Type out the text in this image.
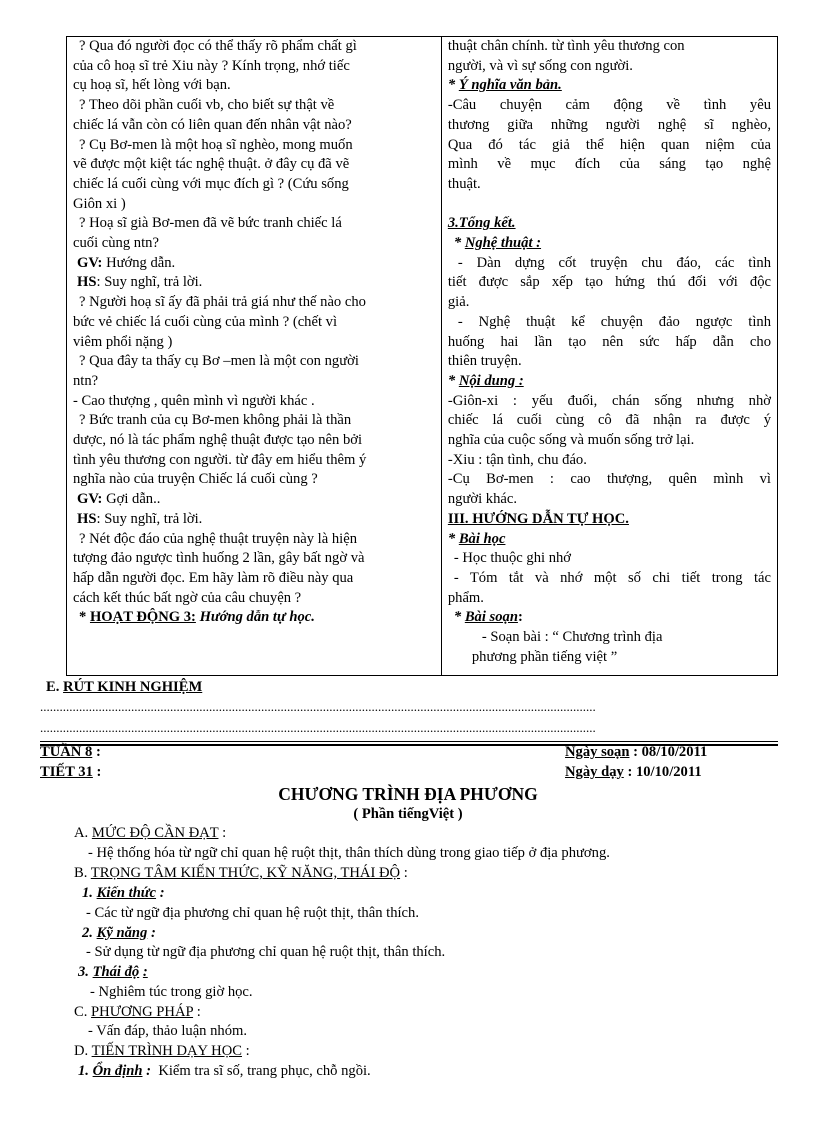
? Qua đó người đọc có thể thấy rõ phẩm chất gì
của cô hoạ sĩ trẻ Xiu này ? Kính trọng, nhớ tiếc
cụ hoạ sĩ, hết lòng với bạn.
? Theo dõi phần cuối vb, cho biết sự thật về
chiếc lá vẫn còn có liên quan đến nhân vật nào?
? Cụ Bơ-men là một hoạ sĩ nghèo, mong muốn
vẽ được một kiệt tác nghệ thuật. ở đây cụ đã vẽ
chiếc lá cuối cùng với mục đích gì ? (Cứu sống
Giôn xi )
? Hoạ sĩ già Bơ-men đã vẽ bức tranh chiếc lá
cuối cùng ntn?
GV: Hướng dẫn.
HS: Suy nghĩ, trả lời.
? Người hoạ sĩ ấy đã phải trả giá như thế nào cho
bức vẻ chiếc lá cuối cùng của mình ? (chết vì
viêm phổi nặng )
? Qua đây ta thấy cụ Bơ –men là một con người
ntn?
- Cao thượng , quên mình vì người khác .
? Bức tranh của cụ Bơ-men không phải là thần
dược, nó là tác phẩm nghệ thuật được tạo nên bởi
tình yêu thương con người. từ đây em hiểu thêm ý
nghĩa nào của truyện Chiếc lá cuối cùng ?
GV: Gợi dẫn..
HS: Suy nghĩ, trả lời.
? Nét độc đáo của nghệ thuật truyện này là hiện
tượng đảo ngược tình huống 2 lần, gây bất ngờ và
hấp dẫn người đọc. Em hãy làm rõ điều này qua
cách kết thúc bất ngờ của câu chuyện ?
* HOẠT ĐỘNG 3: Hướng dẫn tự học.

thuật chân chính. từ tình yêu thương con
người, và vì sự sống con người.
* Ý nghĩa văn bản.
-Câu chuyện cảm động về tình yêu
thương giữa những người nghệ sĩ nghèo,
Qua đó tác giả thể hiện quan niệm của
mình về mục đích của sáng tạo nghệ
thuật.
3.Tổng kết.
* Nghệ thuật :
- Dàn dựng cốt truyện chu đáo, các tình
tiết được sắp xếp tạo hứng thú đối với độc
giả.
- Nghệ thuật kể chuyện đảo ngược tình
huống hai lần tạo nên sức hấp dẫn cho
thiên truyện.
* Nội dung :
-Giôn-xi : yếu đuối, chán sống nhưng nhờ
chiếc lá cuối cùng cô đã nhận ra được ý
nghĩa của cuộc sống và muốn sống trở lại.
-Xiu : tận tình, chu đáo.
-Cụ Bơ-men : cao thượng, quên mình vì
người khác.
III. HƯỚNG DẪN TỰ HỌC.
* Bài học
- Học thuộc ghi nhớ
- Tóm tắt và nhớ một số chi tiết trong tác
phẩm.
* Bài soạn:
- Soạn bài : “ Chương trình địa
phương phần tiếng việt ”
E. RÚT KINH NGHIỆM
...........................................................................................................................................................................
...........................................................................................................................................................................
TUẦN 8 :
TIẾT 31 :
Ngày soạn : 08/10/2011
Ngày dạy : 10/10/2011
CHƯƠNG TRÌNH ĐỊA PHƯƠNG
( Phần tiếngViệt )
A. MỨC ĐỘ CẦN ĐẠT :
- Hệ thống hóa từ ngữ chỉ quan hệ ruột thịt, thân thích dùng trong giao tiếp ở địa phương.
B. TRỌNG TÂM KIẾN THỨC, KỸ NĂNG, THÁI ĐỘ :
1. Kiến thức :
- Các từ ngữ địa phương chỉ quan hệ ruột thịt, thân thích.
2. Kỹ năng :
- Sử dụng từ ngữ địa phương chỉ quan hệ ruột thịt, thân thích.
3. Thái độ :
- Nghiêm túc trong giờ học.
C. PHƯƠNG PHÁP :
- Vấn đáp, thảo luận nhóm.
D. TIẾN TRÌNH DẠY HỌC :
1. Ổn định : Kiểm tra sĩ số, trang phục, chỗ ngồi.
